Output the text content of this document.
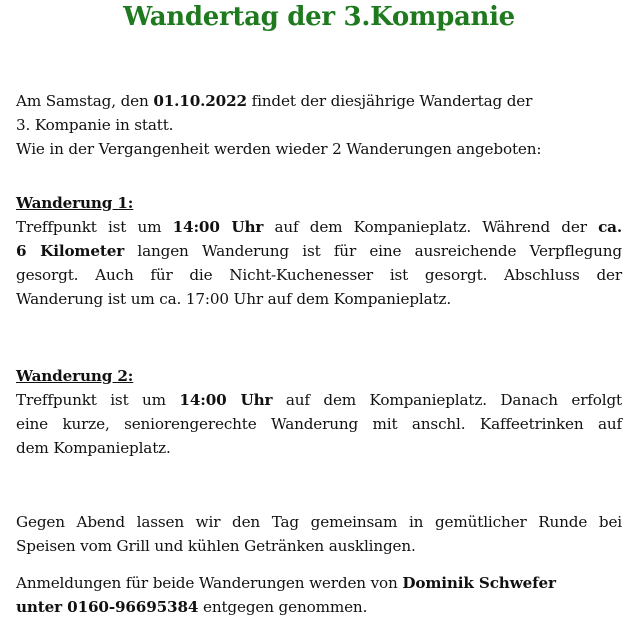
Wandertag der 3.Kompanie
Am Samstag, den 01.10.2022 findet der diesjährige Wandertag der
3. Kompanie in statt.
Wie in der Vergangenheit werden wieder 2 Wanderungen angeboten:
Wanderung 1:
Treffpunkt ist um 14:00 Uhr auf dem Kompanieplatz. Während der ca.
6 Kilometer langen Wanderung ist für eine ausreichende Verpflegung
gesorgt. Auch für die Nicht-Kuchenesser ist gesorgt. Abschluss der
Wanderung ist um ca. 17:00 Uhr auf dem Kompanieplatz.
Wanderung 2:
Treffpunkt ist um 14:00 Uhr auf dem Kompanieplatz. Danach erfolgt
eine kurze, seniorengerechte Wanderung mit anschl. Kaffeetrinken auf
dem Kompanieplatz.
Gegen Abend lassen wir den Tag gemeinsam in gemütlicher Runde bei
Speisen vom Grill und kühlen Getränken ausklingen.
Anmeldungen für beide Wanderungen werden von Dominik Schwefer
unter 0160-96695384 entgegen genommen.
